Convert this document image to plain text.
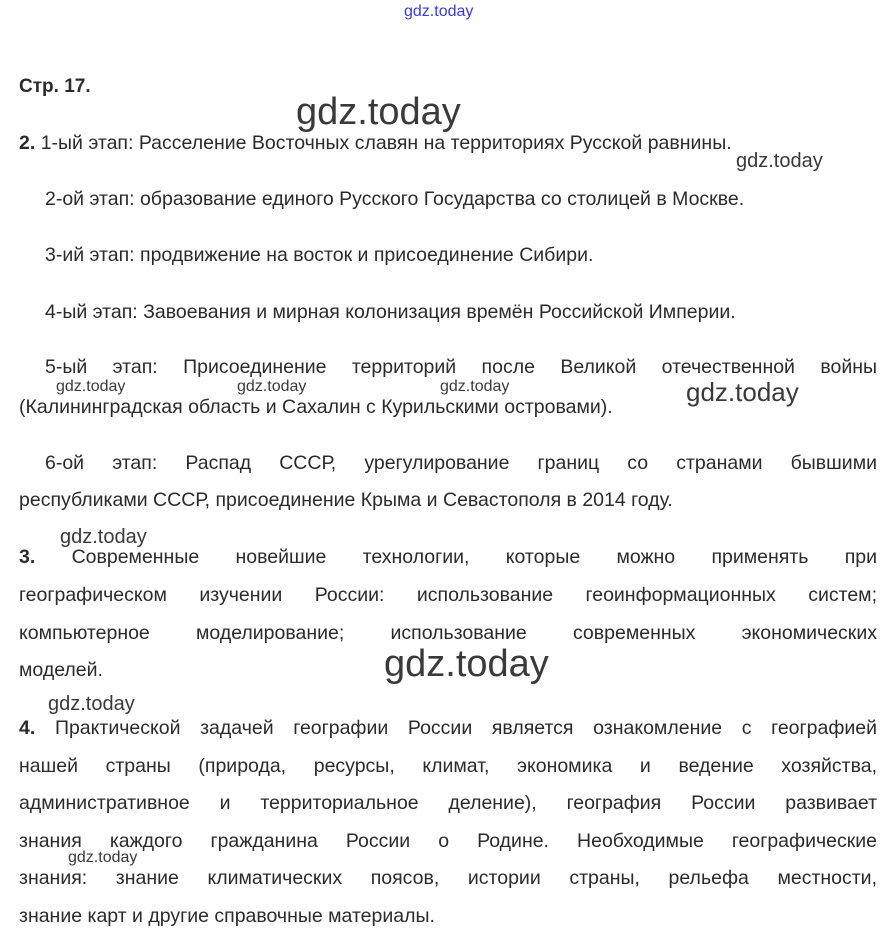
gdz.today
gdz.today
gdz.today
gdz.today	gdz.today	gdz.today	gdz.today
gdz.today
gdz.today
gdz.today
gdz.today
Стр. 17.
2. 1-ый этап: Расселение Восточных славян на территориях Русской равнины.
2-ой этап: образование единого Русского Государства со столицей в Москве.
3-ий этап: продвижение на восток и присоединение Сибири.
4-ый этап: Завоевания и мирная колонизация времён Российской Империи.
5-ый этап: Присоединение территорий после Великой отечественной войны
(Калининградская область и Сахалин с Курильскими островами).
6-ой этап: Распад СССР, урегулирование границ со странами бывшими
республиками СССР, присоединение Крыма и Севастополя в 2014 году.
3. Современные новейшие технологии, которые можно применять при
географическом изучении России: использование геоинформационных систем;
компьютерное моделирование; использование современных экономических
моделей.
4. Практической задачей географии России является ознакомление с географией
нашей страны (природа, ресурсы, климат, экономика и ведение хозяйства,
административное и территориальное деление), география России развивает
знания каждого гражданина России о Родине. Необходимые географические
знания: знание климатических поясов, истории страны, рельефа местности,
знание карт и другие справочные материалы.
